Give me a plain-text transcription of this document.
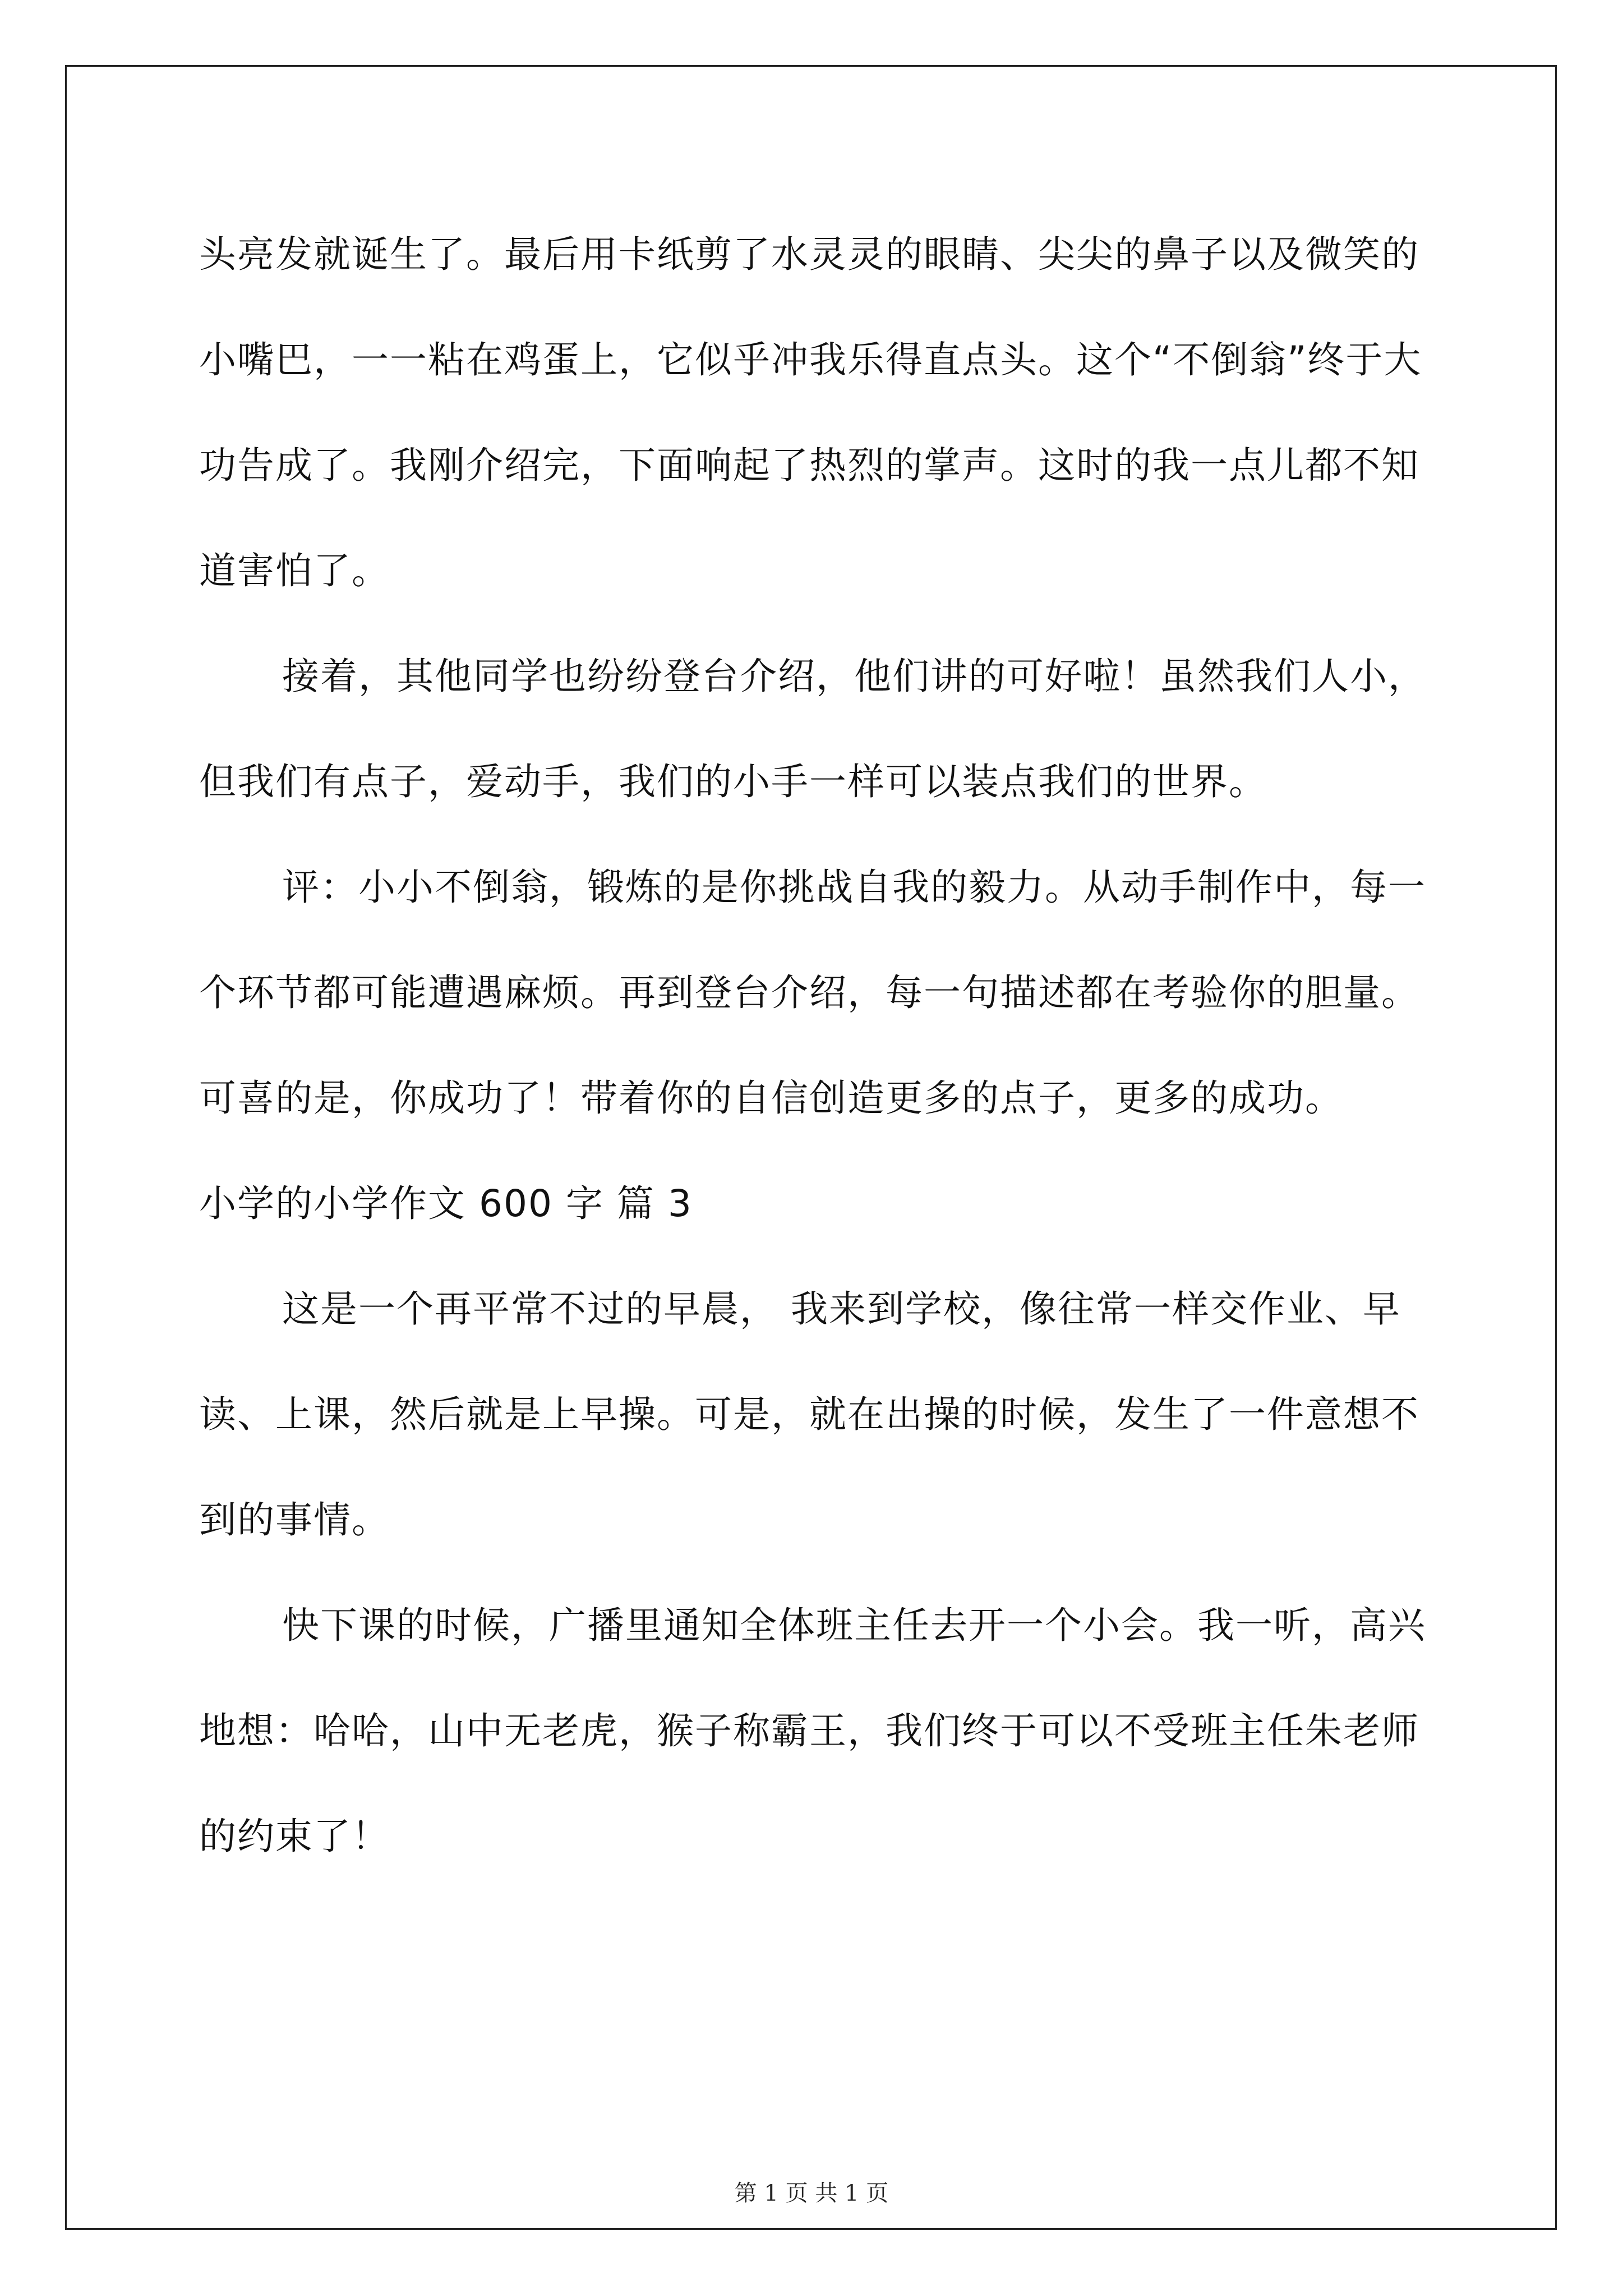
头亮发就诞生了。最后用卡纸剪了水灵灵的眼睛、尖尖的鼻子以及微笑的小嘴巴，一一粘在鸡蛋上，它似乎冲我乐得直点头。这个“不倒翁”终于大功告成了。我刚介绍完，下面响起了热烈的掌声。这时的我一点儿都不知道害怕了。

接着，其他同学也纷纷登台介绍，他们讲的可好啦！虽然我们人小，但我们有点子，爱动手，我们的小手一样可以装点我们的世界。

评：小小不倒翁，锻炼的是你挑战自我的毅力。从动手制作中，每一个环节都可能遭遇麻烦。再到登台介绍，每一句描述都在考验你的胆量。可喜的是，你成功了！带着你的自信创造更多的点子，更多的成功。

小学的小学作文 600 字 篇 3

这是一个再平常不过的早晨， 我来到学校，像往常一样交作业、早读、上课，然后就是上早操。可是，就在出操的时候，发生了一件意想不到的事情。

快下课的时候，广播里通知全体班主任去开一个小会。我一听，高兴地想：哈哈，山中无老虎，猴子称霸王，我们终于可以不受班主任朱老师的约束了！

第 1 页 共 1 页
